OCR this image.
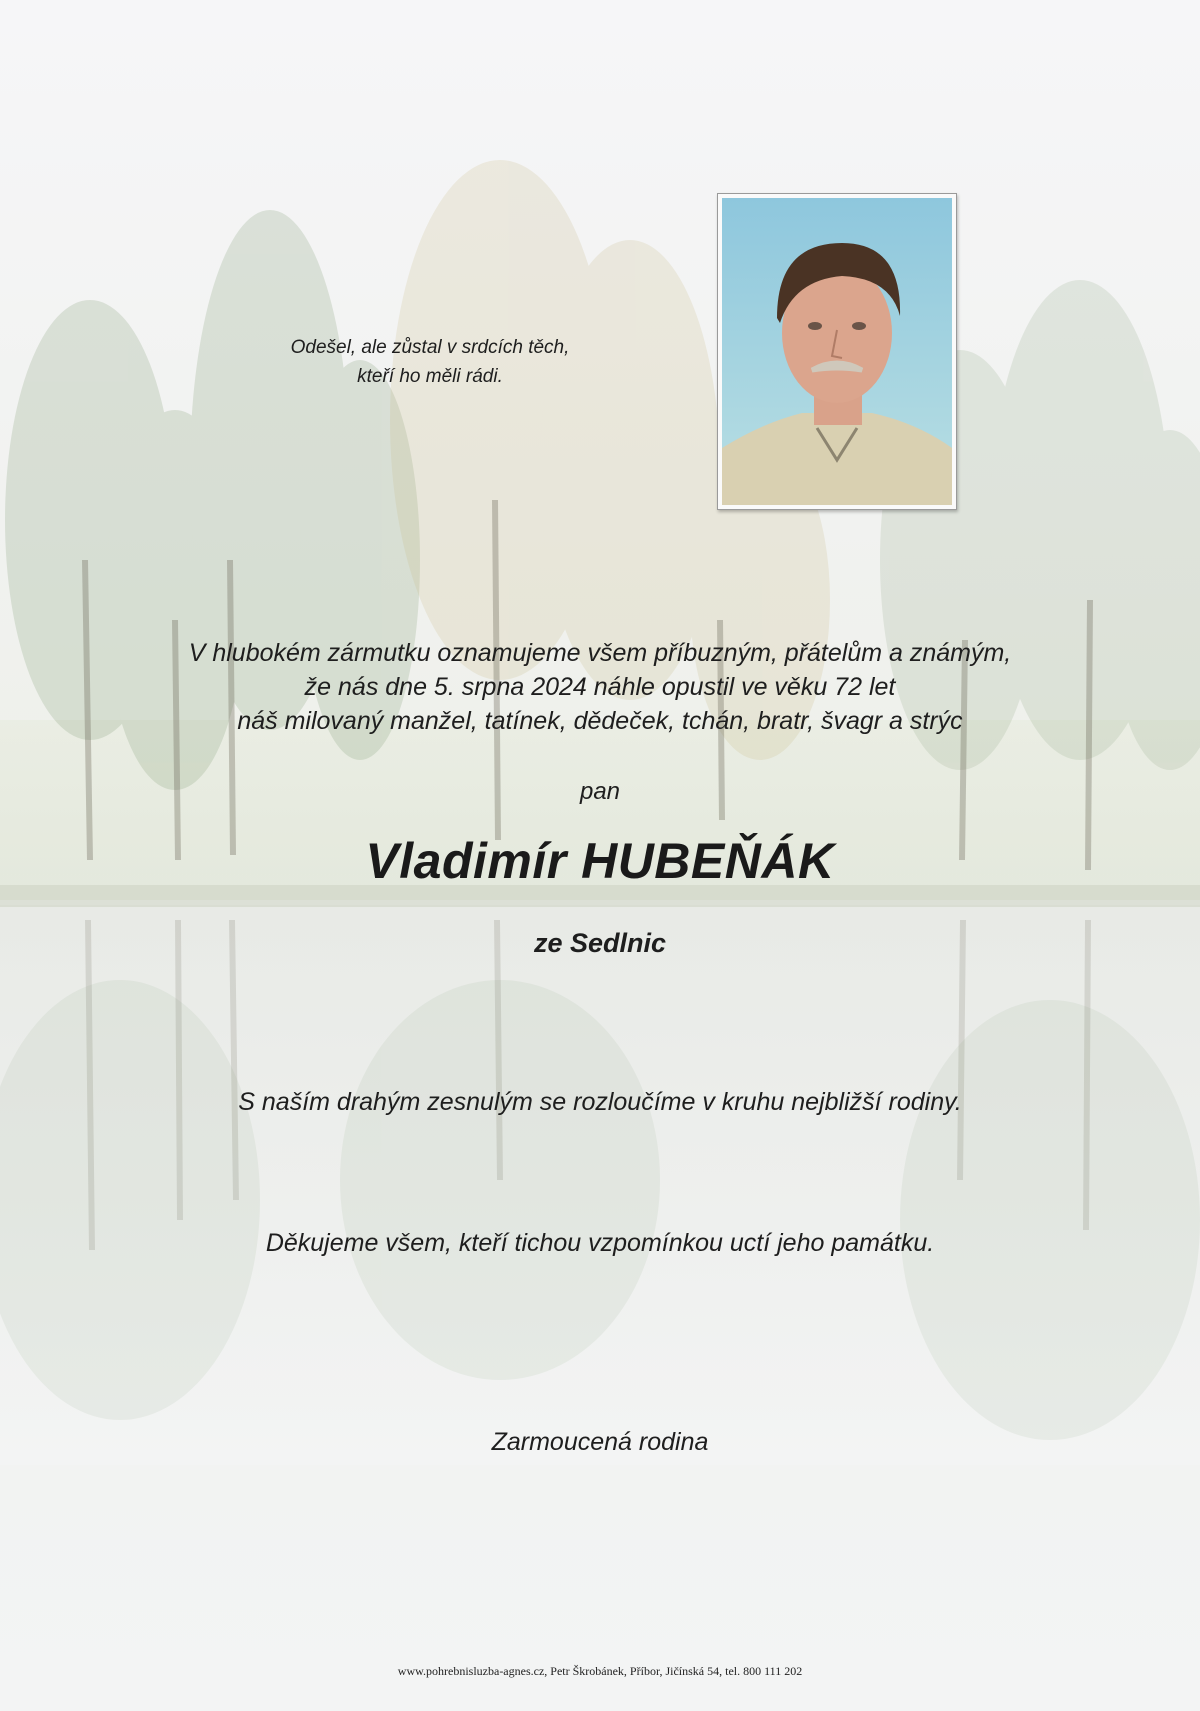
Odešel, ale zůstal v srdcích těch,
kteří ho měli rádi.
V hlubokém zármutku oznamujeme všem příbuzným, přátelům a známým,
že nás dne 5. srpna 2024 náhle opustil ve věku 72 let
náš milovaný manžel, tatínek, dědeček, tchán, bratr, švagr a strýc
pan
Vladimír HUBEŇÁK
ze Sedlnic
S naším drahým zesnulým se rozloučíme v kruhu nejbližší rodiny.
Děkujeme všem, kteří tichou vzpomínkou uctí jeho památku.
Zarmoucená rodina
www.pohrebnisluzba-agnes.cz, Petr Škrobánek, Příbor, Jičínská 54, tel. 800 111 202
